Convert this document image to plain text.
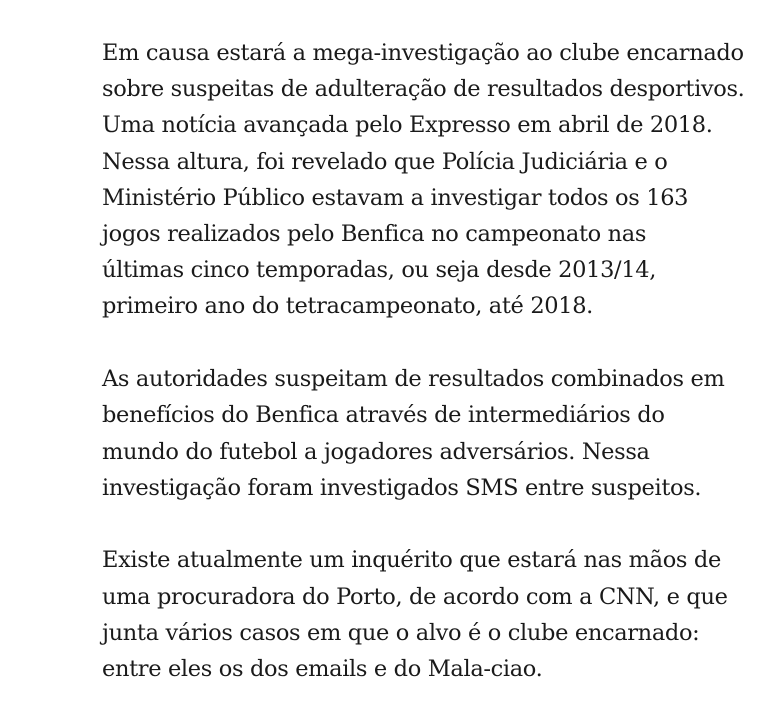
Em causa estará a mega-investigação ao clube encarnado
sobre suspeitas de adulteração de resultados desportivos.
Uma notícia avançada pelo Expresso em abril de 2018.
Nessa altura, foi revelado que Polícia Judiciária e o
Ministério Público estavam a investigar todos os 163
jogos realizados pelo Benfica no campeonato nas
últimas cinco temporadas, ou seja desde 2013/14,
primeiro ano do tetracampeonato, até 2018.

As autoridades suspeitam de resultados combinados em
benefícios do Benfica através de intermediários do
mundo do futebol a jogadores adversários. Nessa
investigação foram investigados SMS entre suspeitos.

Existe atualmente um inquérito que estará nas mãos de
uma procuradora do Porto, de acordo com a CNN, e que
junta vários casos em que o alvo é o clube encarnado:
entre eles os dos emails e do Mala-ciao.
